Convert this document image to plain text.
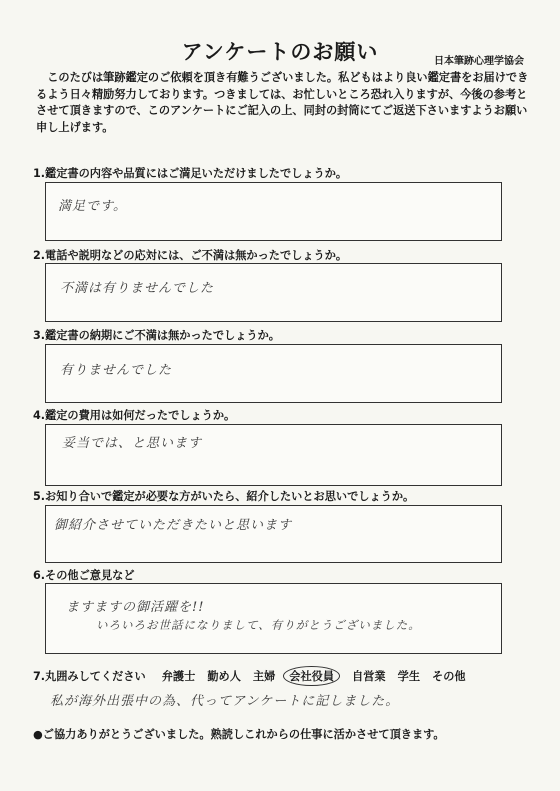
アンケートのお願い	日本筆跡心理学協会
このたびは筆跡鑑定のご依頼を頂き有難うございました。私どもはより良い鑑定書をお届けできるよう日々精励努力しております。つきましては、お忙しいところ恐れ入りますが、今後の参考とさせて頂きますので、このアンケートにご記入の上、同封の封筒にてご返送下さいますようお願い申し上げます。
1.鑑定書の内容や品質にはご満足いただけましたでしょうか。
満足です。
2.電話や説明などの応対には、ご不満は無かったでしょうか。
不満は有りませんでした
3.鑑定書の納期にご不満は無かったでしょうか。
有りませんでした
4.鑑定の費用は如何だったでしょうか。
妥当では、と思います
5.お知り合いで鑑定が必要な方がいたら、紹介したいとお思いでしょうか。
御紹介させていただきたいと思います
6.その他ご意見など
ますますの御活躍を!!
いろいろお世話になりまして、有りがとうございました。
7.丸囲みしてください 弁護士 勤め人 主婦	会社役員	自営業 学生 その他
私が海外出張中の為、代ってアンケートに記しました。
●ご協力ありがとうございました。熟読しこれからの仕事に活かさせて頂きます。
